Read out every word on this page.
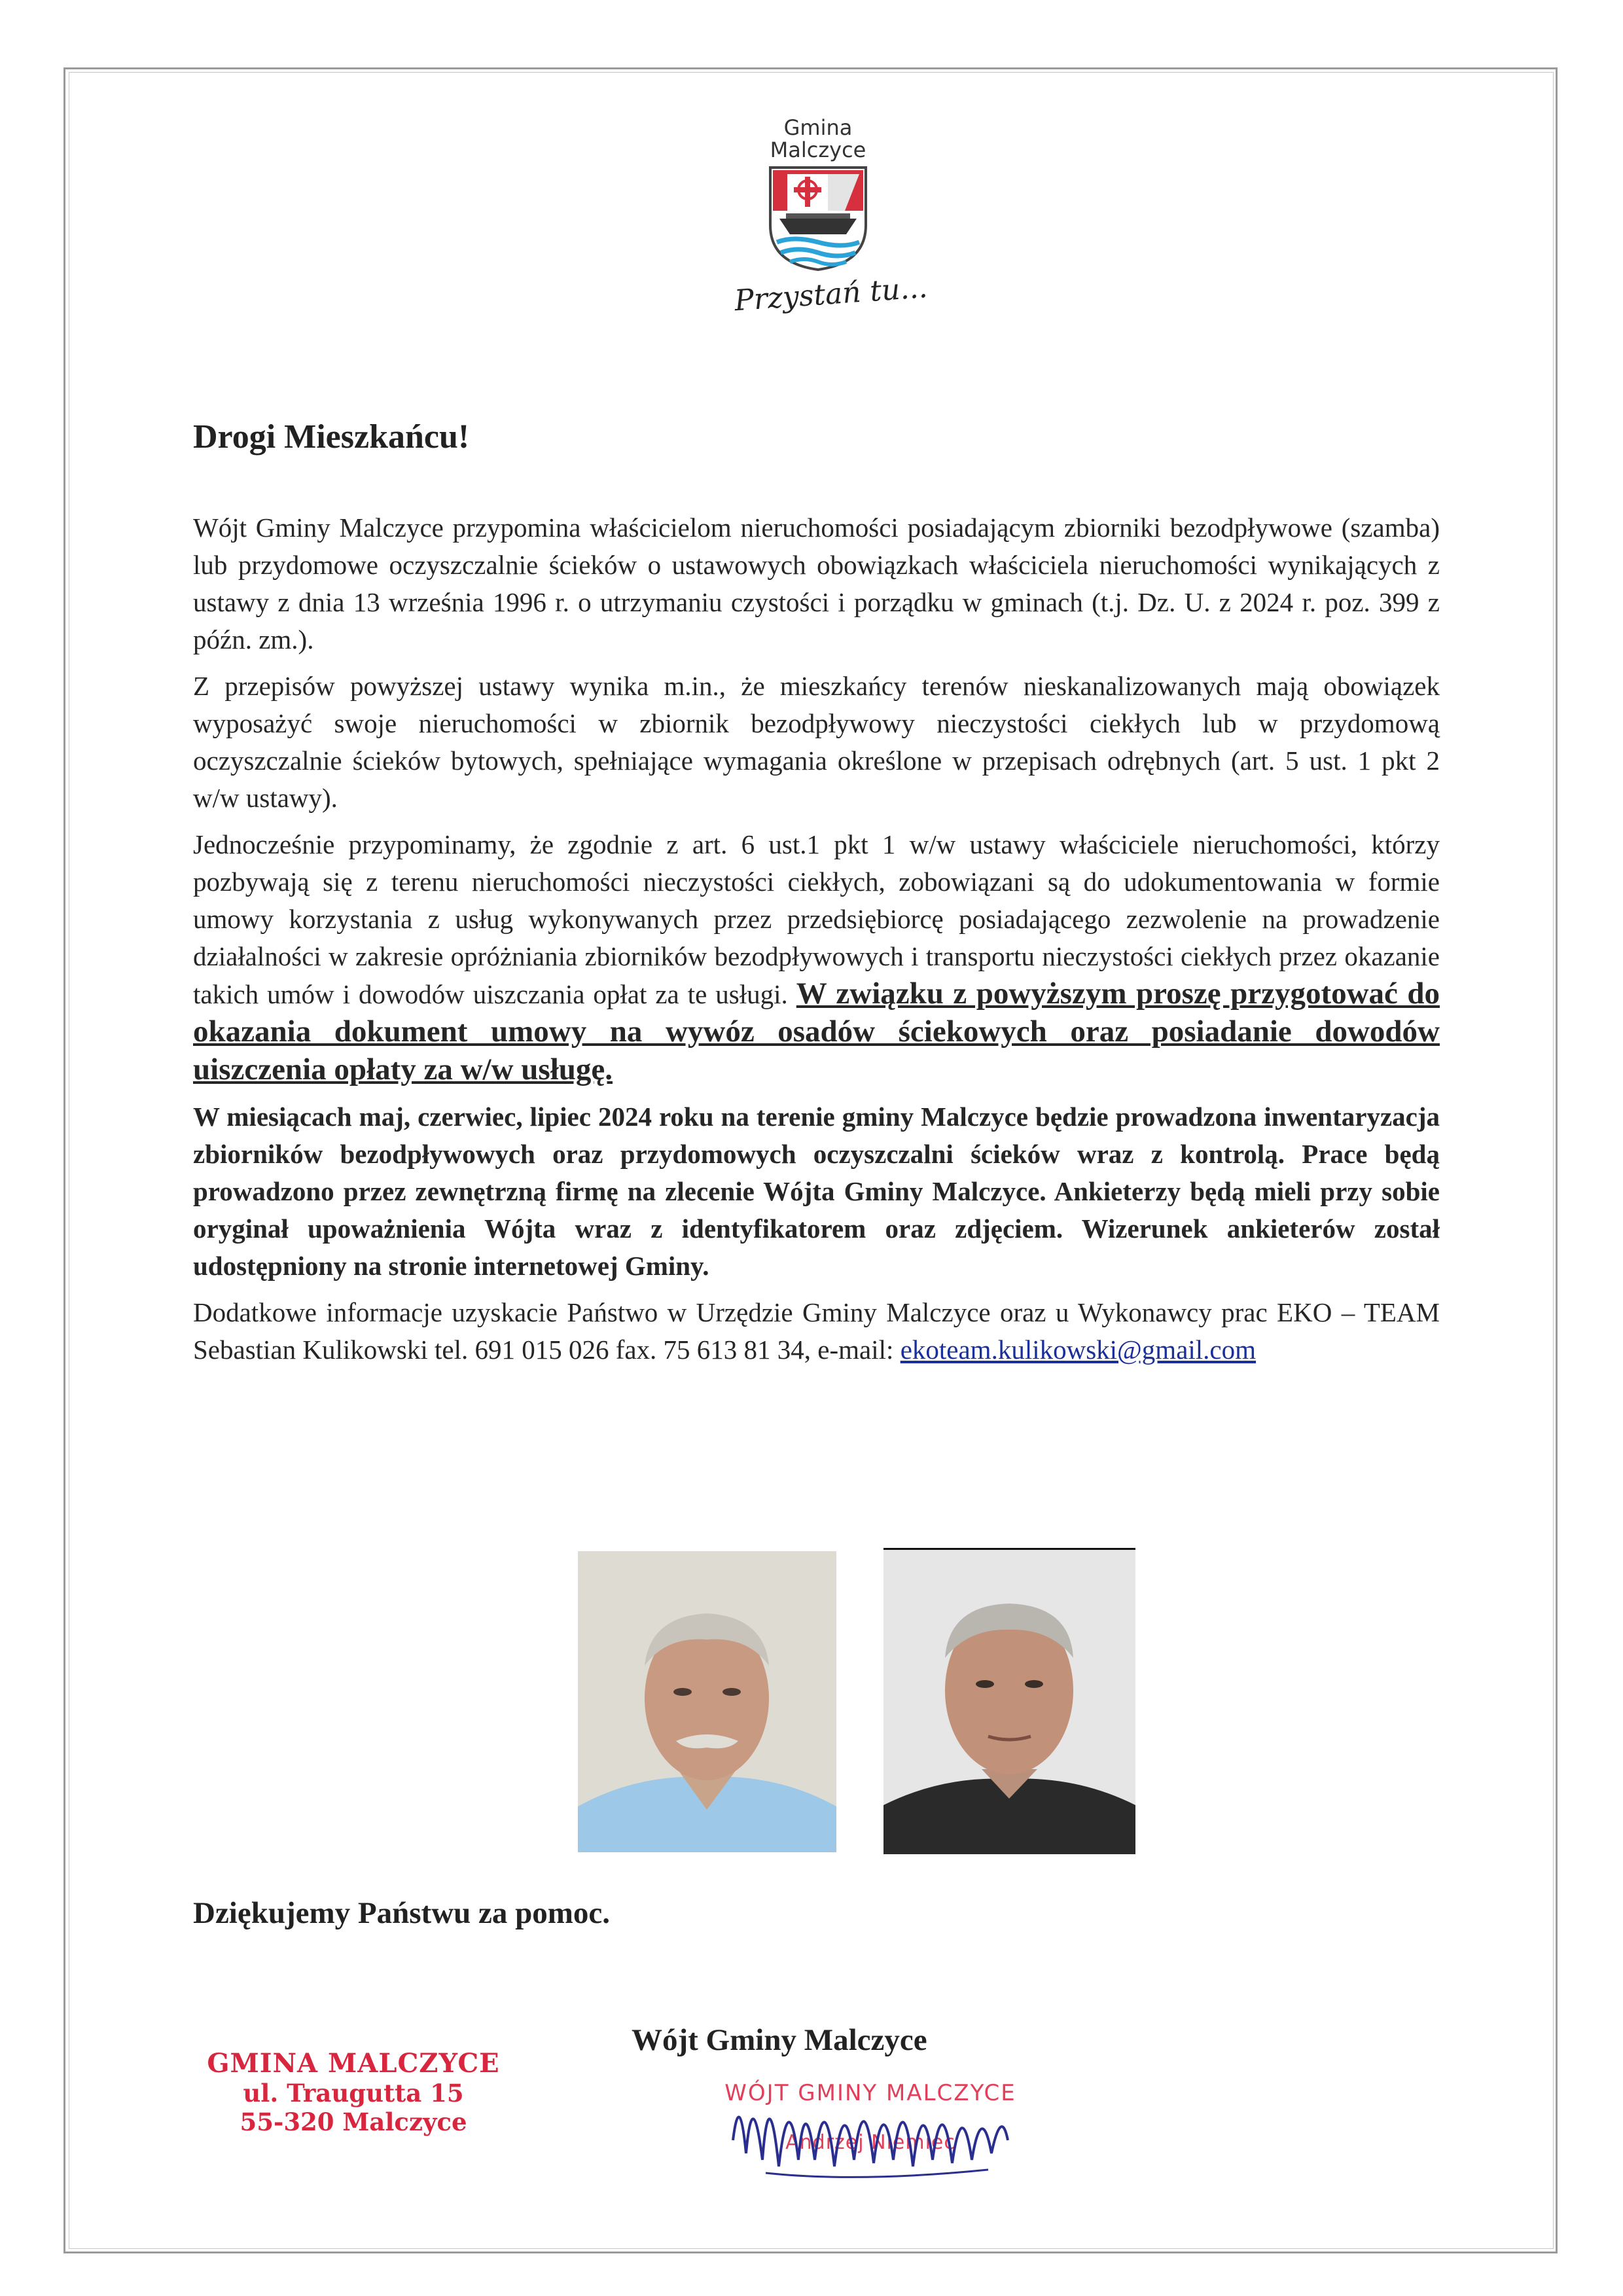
Gmina
Malczyce
Przystań tu...
Drogi Mieszkańcu!

Wójt Gminy Malczyce przypomina właścicielom nieruchomości posiadającym zbiorniki bezodpływowe (szamba) lub przydomowe oczyszczalnie ścieków o ustawowych obowiązkach właściciela nieruchomości wynikających z ustawy z dnia 13 września 1996 r. o utrzymaniu czystości i porządku w gminach (t.j. Dz. U. z 2024 r. poz. 399 z późn. zm.).

Z przepisów powyższej ustawy wynika m.in., że mieszkańcy terenów nieskanalizowanych mają obowiązek wyposażyć swoje nieruchomości w zbiornik bezodpływowy nieczystości ciekłych lub w przydomową oczyszczalnie ścieków bytowych, spełniające wymagania określone w przepisach odrębnych (art. 5 ust. 1 pkt 2 w/w ustawy).

Jednocześnie przypominamy, że zgodnie z art. 6 ust.1 pkt 1 w/w ustawy właściciele nieruchomości, którzy pozbywają się z terenu nieruchomości nieczystości ciekłych, zobowiązani są do udokumentowania w formie umowy korzystania z usług wykonywanych przez przedsiębiorcę posiadającego zezwolenie na prowadzenie działalności w zakresie opróżniania zbiorników bezodpływowych i transportu nieczystości ciekłych przez okazanie takich umów i dowodów uiszczania opłat za te usługi. W związku z powyższym proszę przygotować do okazania dokument umowy na wywóz osadów ściekowych oraz posiadanie dowodów uiszczenia opłaty za w/w usługę.

W miesiącach maj, czerwiec, lipiec 2024 roku na terenie gminy Malczyce będzie prowadzona inwentaryzacja zbiorników bezodpływowych oraz przydomowych oczyszczalni ścieków wraz z kontrolą. Prace będą prowadzono przez zewnętrzną firmę na zlecenie Wójta Gminy Malczyce. Ankieterzy będą mieli przy sobie oryginał upoważnienia Wójta wraz z identyfikatorem oraz zdjęciem. Wizerunek ankieterów został udostępniony na stronie internetowej Gminy.

Dodatkowe informacje uzyskacie Państwo w Urzędzie Gminy Malczyce oraz u Wykonawcy prac EKO – TEAM Sebastian Kulikowski tel. 691 015 026 fax. 75 613 81 34, e-mail: ekoteam.kulikowski@gmail.com

Dziękujemy Państwu za pomoc.
GMINA MALCZYCE
ul. Traugutta 15
55-320 Malczyce
Wójt Gminy Malczyce
WÓJT GMINY MALCZYCE
Andrzej Niemiec
